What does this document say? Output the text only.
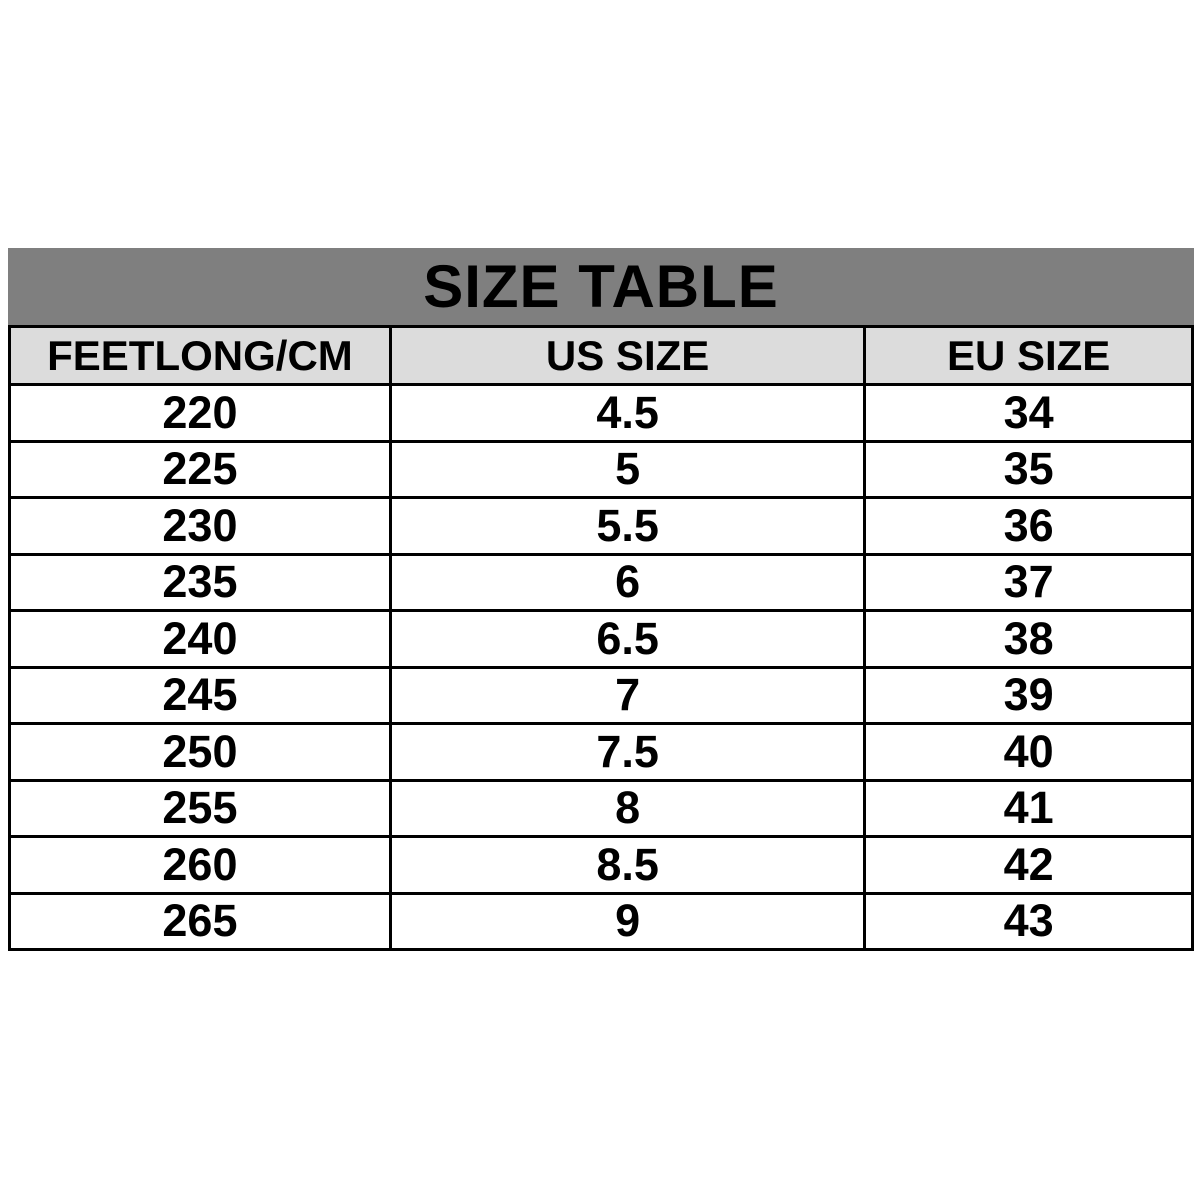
SIZE TABLE
FEETLONG/CM	US SIZE	EU SIZE
220	4.5	34
225	5	35
230	5.5	36
235	6	37
240	6.5	38
245	7	39
250	7.5	40
255	8	41
260	8.5	42
265	9	43
